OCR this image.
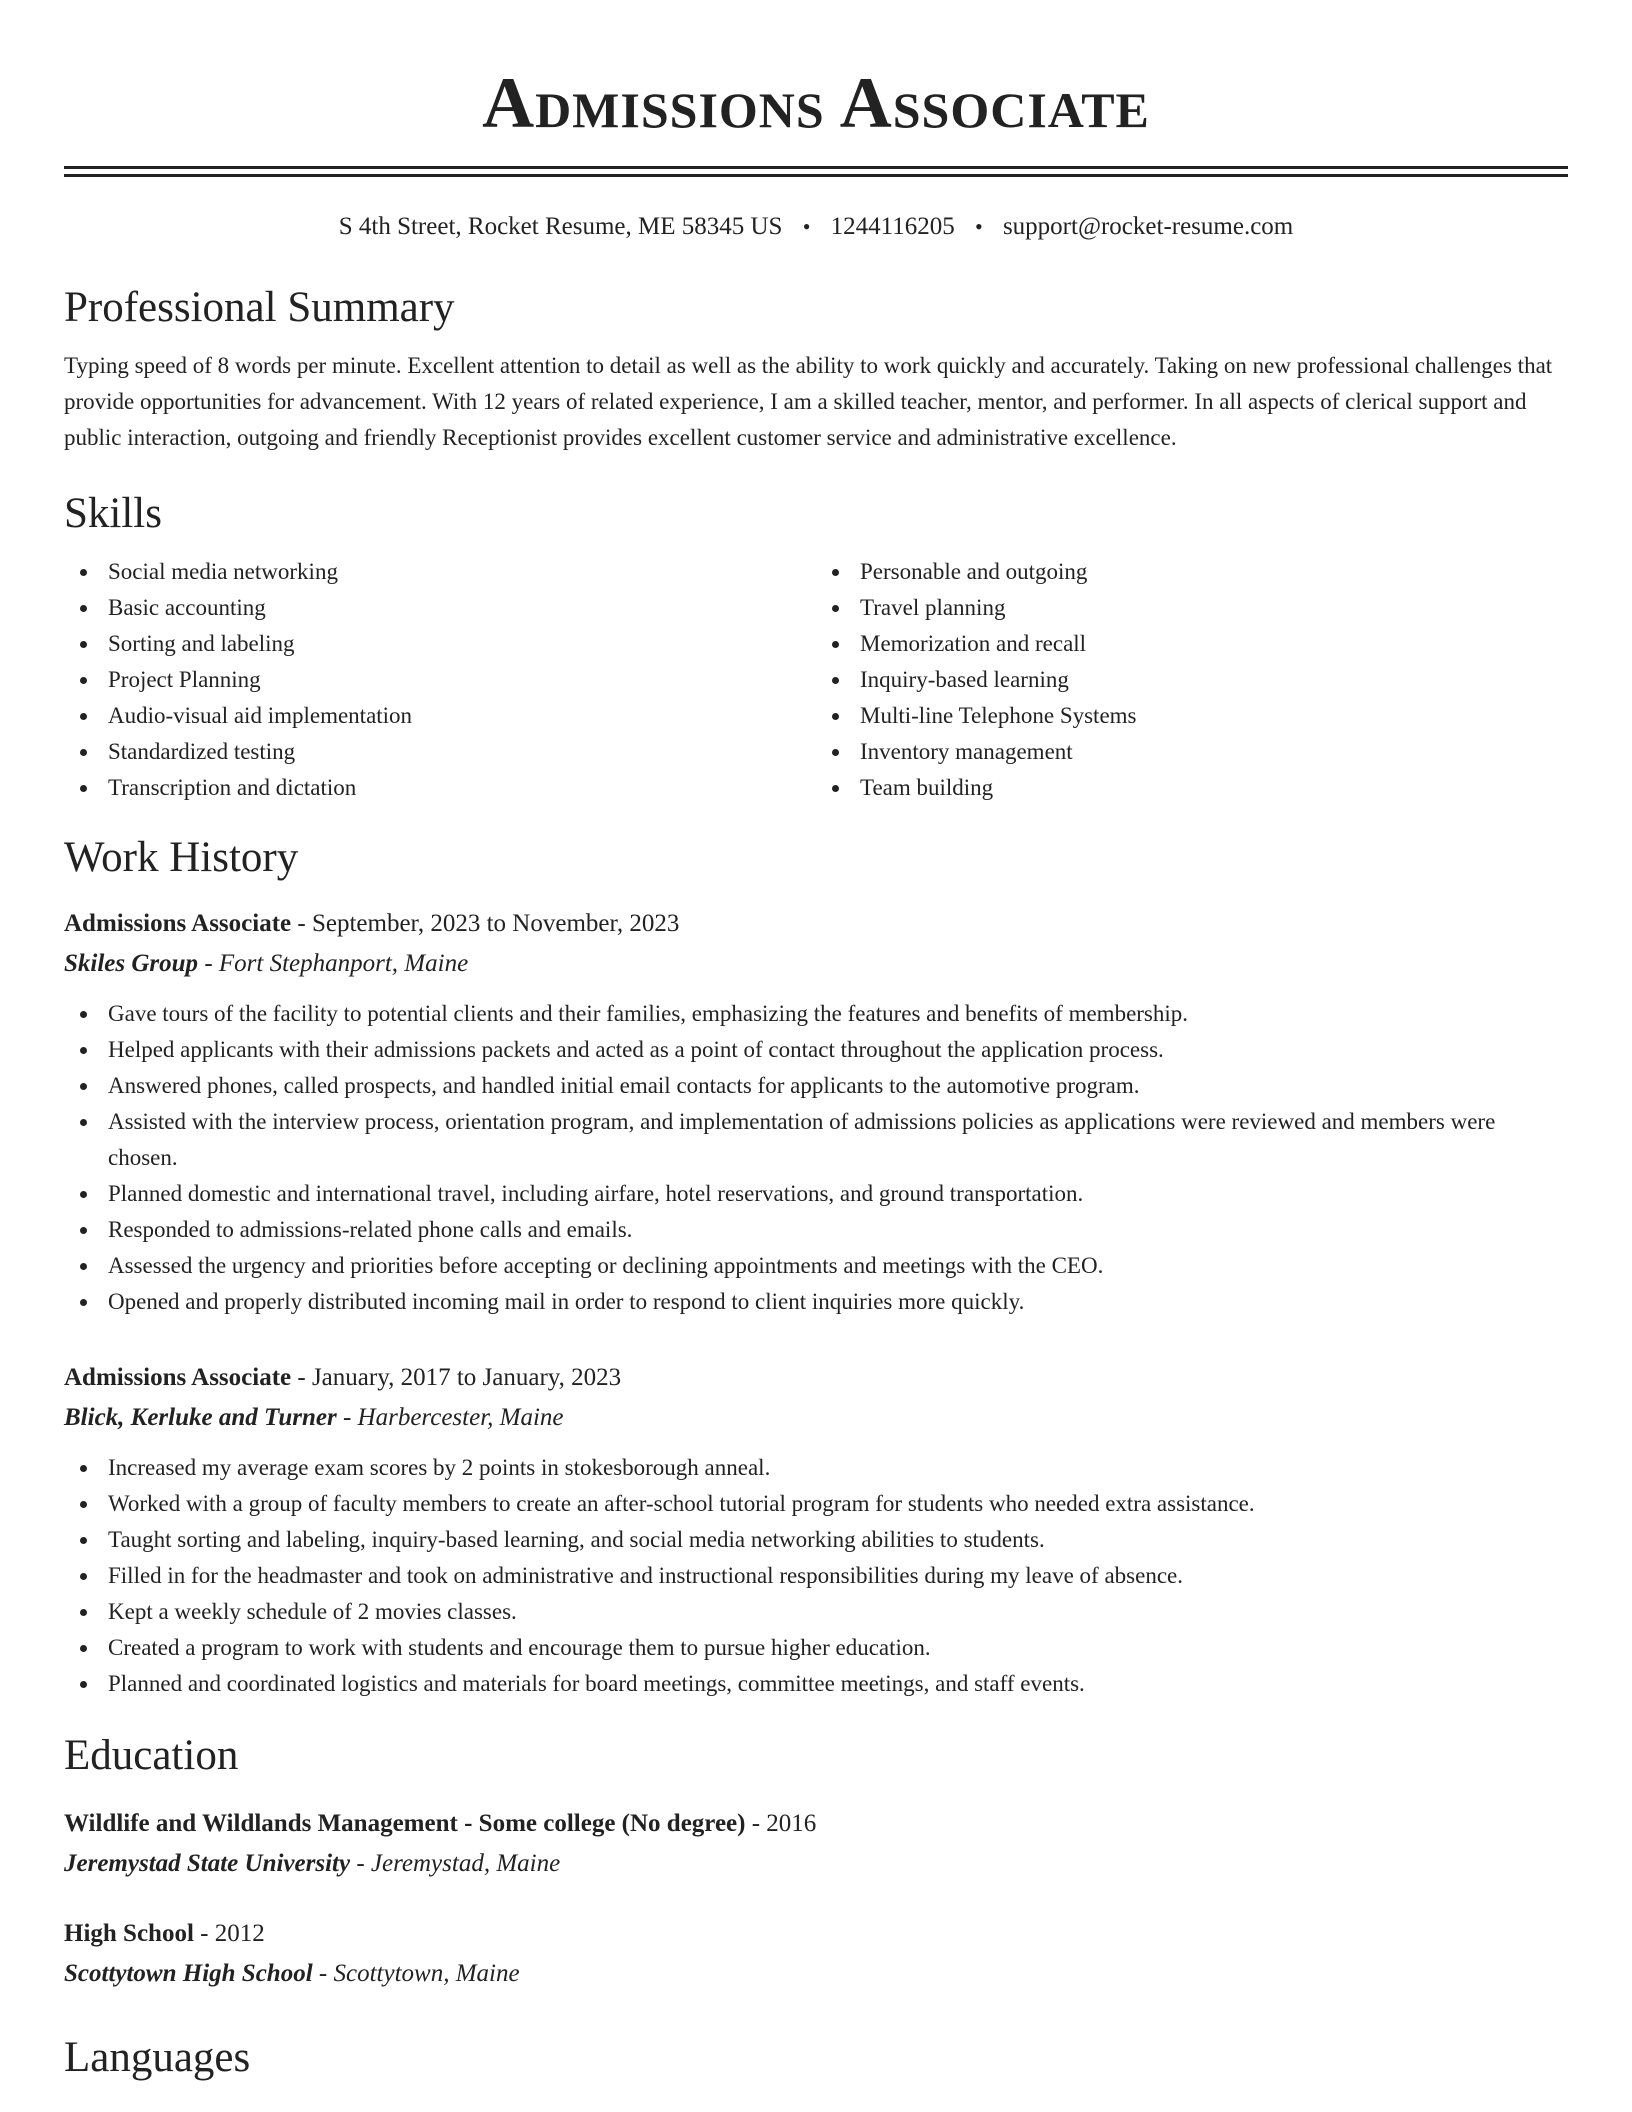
Admissions Associate
S 4th Street, Rocket Resume, ME 58345 US • 1244116205 • support@rocket-resume.com
Professional Summary

Typing speed of 8 words per minute. Excellent attention to detail as well as the ability to work quickly and accurately. Taking on new professional challenges that provide opportunities for advancement. With 12 years of related experience, I am a skilled teacher, mentor, and performer. In all aspects of clerical support and public interaction, outgoing and friendly Receptionist provides excellent customer service and administrative excellence.

Skills
Social media networking
Basic accounting
Sorting and labeling
Project Planning
Audio-visual aid implementation
Standardized testing
Transcription and dictation
Personable and outgoing
Travel planning
Memorization and recall
Inquiry-based learning
Multi-line Telephone Systems
Inventory management
Team building
Work History
Admissions Associate - September, 2023 to November, 2023
Skiles Group - Fort Stephanport, Maine
Gave tours of the facility to potential clients and their families, emphasizing the features and benefits of membership.
Helped applicants with their admissions packets and acted as a point of contact throughout the application process.
Answered phones, called prospects, and handled initial email contacts for applicants to the automotive program.
Assisted with the interview process, orientation program, and implementation of admissions policies as applications were reviewed and members were chosen.
Planned domestic and international travel, including airfare, hotel reservations, and ground transportation.
Responded to admissions-related phone calls and emails.
Assessed the urgency and priorities before accepting or declining appointments and meetings with the CEO.
Opened and properly distributed incoming mail in order to respond to client inquiries more quickly.
Admissions Associate - January, 2017 to January, 2023
Blick, Kerluke and Turner - Harbercester, Maine
Increased my average exam scores by 2 points in stokesborough anneal.
Worked with a group of faculty members to create an after-school tutorial program for students who needed extra assistance.
Taught sorting and labeling, inquiry-based learning, and social media networking abilities to students.
Filled in for the headmaster and took on administrative and instructional responsibilities during my leave of absence.
Kept a weekly schedule of 2 movies classes.
Created a program to work with students and encourage them to pursue higher education.
Planned and coordinated logistics and materials for board meetings, committee meetings, and staff events.
Education
Wildlife and Wildlands Management - Some college (No degree) - 2016
Jeremystad State University - Jeremystad, Maine
High School - 2012
Scottytown High School - Scottytown, Maine
Languages
